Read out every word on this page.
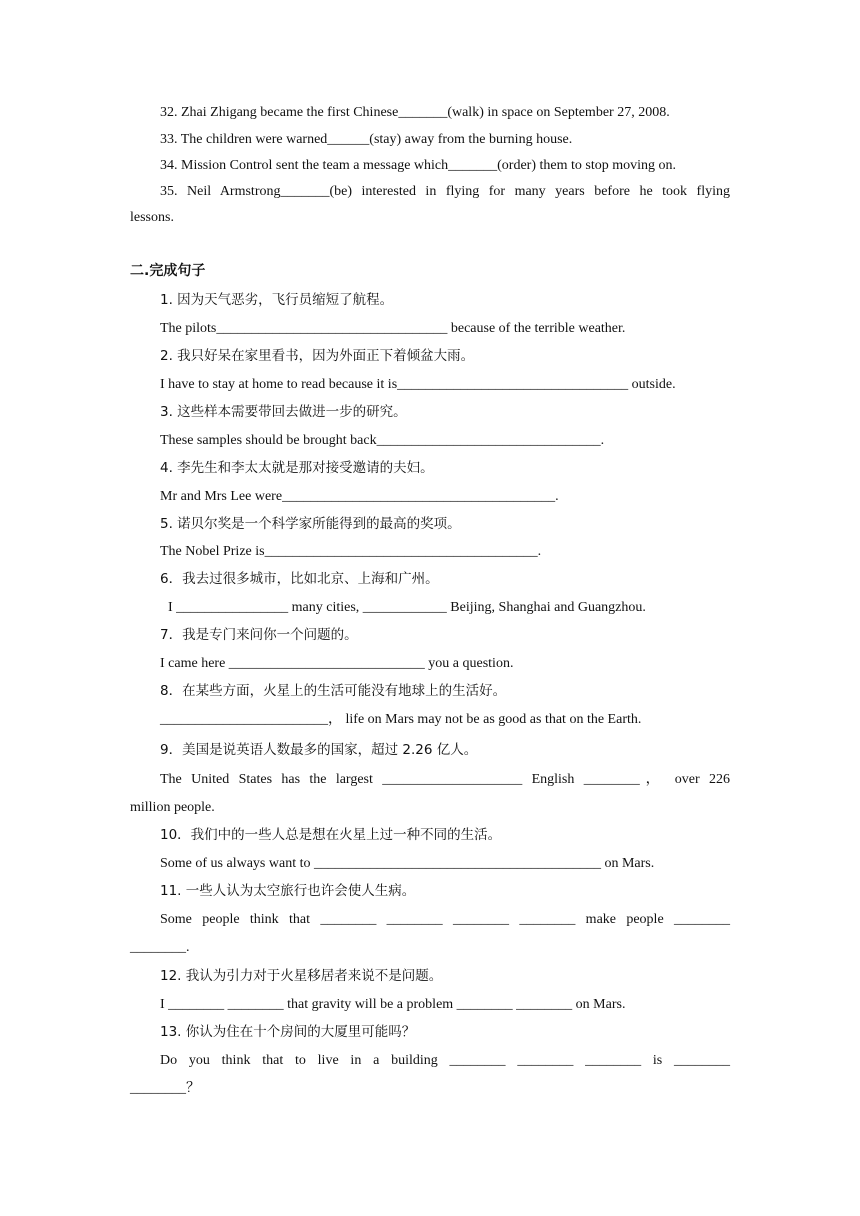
32. Zhai Zhigang became the first Chinese_______(walk) in space on September 27, 2008.
33. The children were warned______(stay) away from the burning house.
34. Mission Control sent the team a message which_______(order) them to stop moving on.
35. Neil Armstrong_______(be) interested in flying for many years before he took flying
lessons.
二.完成句子
1. 因为天气恶劣，飞行员缩短了航程。
The pilots_________________________________ because of the terrible weather.
2. 我只好呆在家里看书，因为外面正下着倾盆大雨。
I have to stay at home to read because it is_________________________________ outside.
3. 这些样本需要带回去做进一步的研究。
These samples should be brought back________________________________.
4. 李先生和李太太就是那对接受邀请的夫妇。
Mr and Mrs Lee were_______________________________________.
5. 诺贝尔奖是一个科学家所能得到的最高的奖项。
The Nobel Prize is_______________________________________.
6．我去过很多城市，比如北京、上海和广州。
I ________________ many cities, ____________ Beijing, Shanghai and Guangzhou.
7．我是专门来问你一个问题的。
I came here ____________________________ you a question.
8．在某些方面，火星上的生活可能没有地球上的生活好。
________________________， life on Mars may not be as good as that on the Earth.
9．美国是说英语人数最多的国家，超过 2.26 亿人。
The United States has the largest ____________________ English ________， over 226
million people.
10．我们中的一些人总是想在火星上过一种不同的生活。
Some of us always want to _________________________________________ on Mars.
11. 一些人认为太空旅行也许会使人生病。
Some people think that ________ ________ ________ ________ make people ________
________.
12. 我认为引力对于火星移居者来说不是问题。
I ________ ________ that gravity will be a problem ________ ________ on Mars.
13. 你认为住在十个房间的大厦里可能吗？
Do you think that to live in a building ________ ________ ________ is ________
________？
